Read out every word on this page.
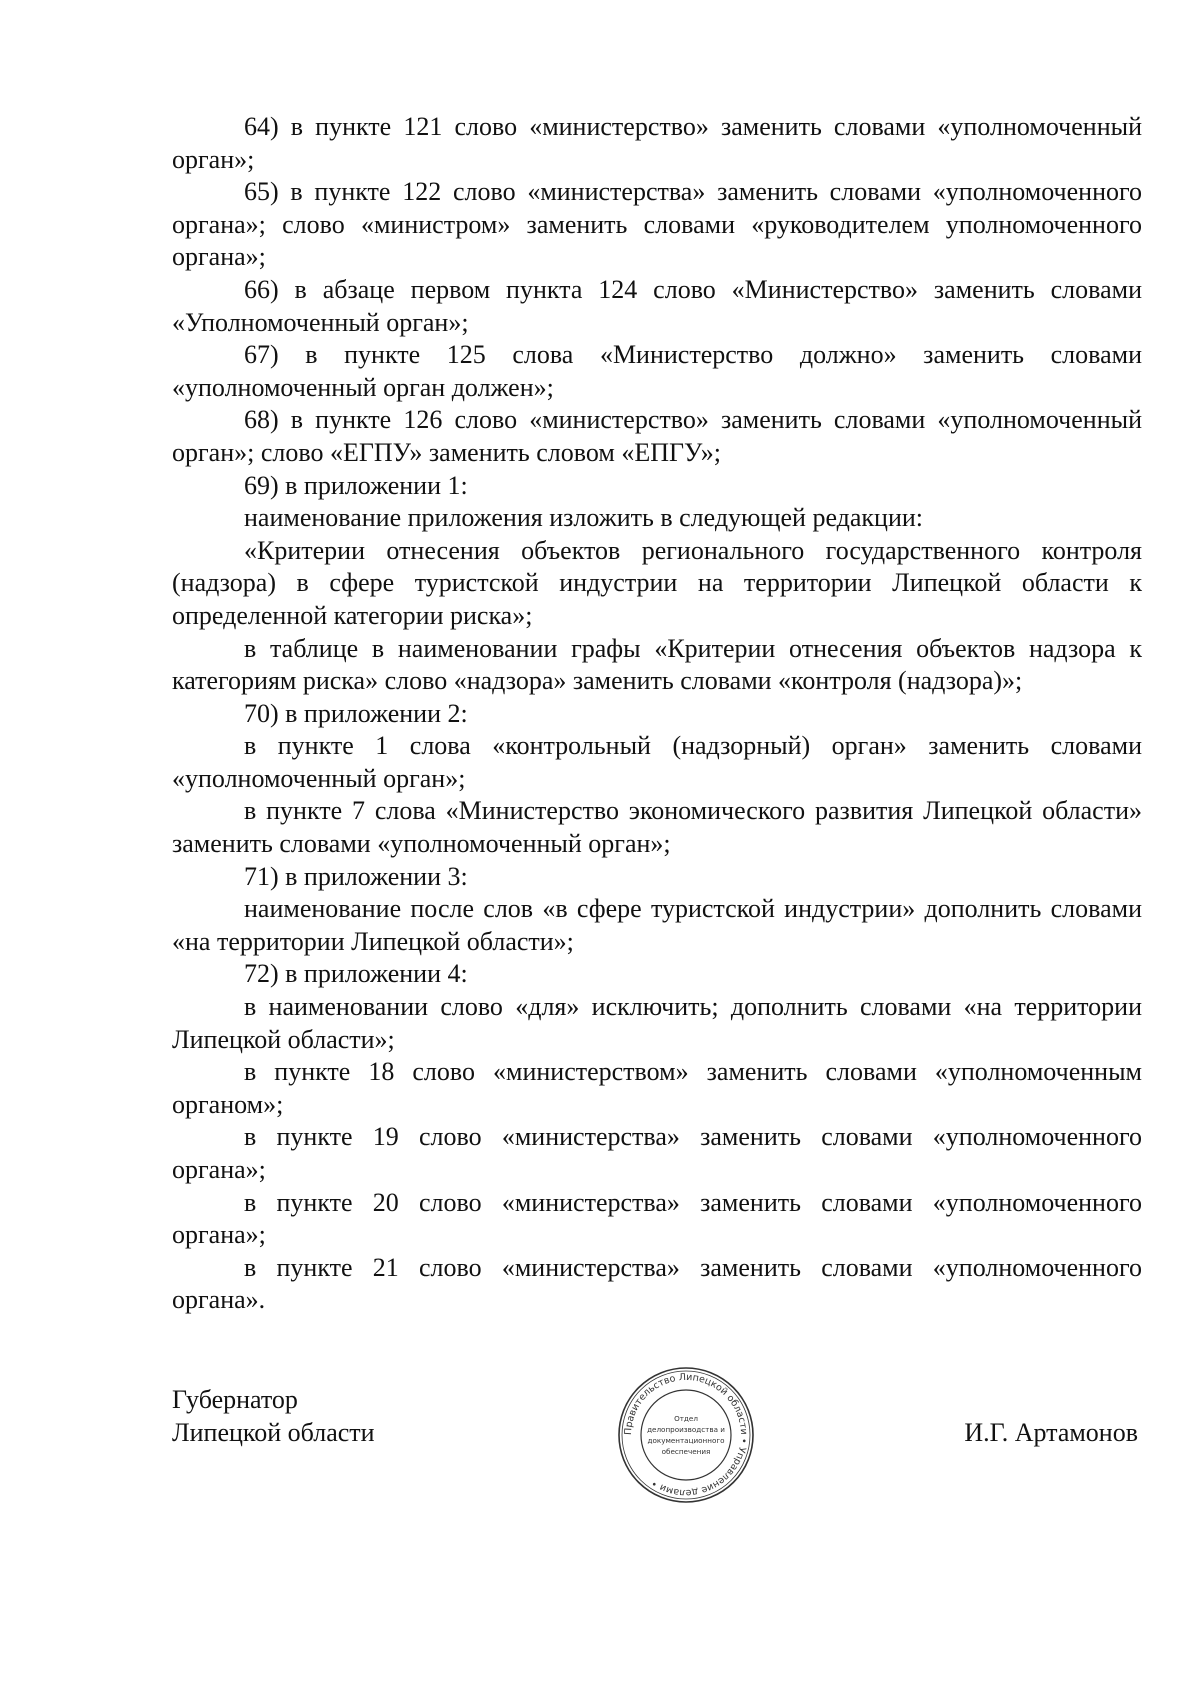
64) в пункте 121 слово «министерство» заменить словами «уполномоченный орган»;

65) в пункте 122 слово «министерства» заменить словами «уполномоченного органа»; слово «министром» заменить словами «руководителем уполномоченного органа»;

66) в абзаце первом пункта 124 слово «Министерство» заменить словами «Уполномоченный орган»;

67) в пункте 125 слова «Министерство должно» заменить словами «уполномоченный орган должен»;

68) в пункте 126 слово «министерство» заменить словами «уполномоченный орган»; слово «ЕГПУ» заменить словом «ЕПГУ»;

69) в приложении 1:

наименование приложения изложить в следующей редакции:

«Критерии отнесения объектов регионального государственного контроля (надзора) в сфере туристской индустрии на территории Липецкой области к определенной категории риска»;

в таблице в наименовании графы «Критерии отнесения объектов надзора к категориям риска» слово «надзора» заменить словами «контроля (надзора)»;

70) в приложении 2:

в пункте 1 слова «контрольный (надзорный) орган» заменить словами «уполномоченный орган»;

в пункте 7 слова «Министерство экономического развития Липецкой области» заменить словами «уполномоченный орган»;

71) в приложении 3:

наименование после слов «в сфере туристской индустрии» дополнить словами «на территории Липецкой области»;

72) в приложении 4:

в наименовании слово «для» исключить; дополнить словами «на территории Липецкой области»;

в пункте 18 слово «министерством» заменить словами «уполномоченным органом»;

в пункте 19 слово «министерства» заменить словами «уполномоченного органа»;

в пункте 20 слово «министерства» заменить словами «уполномоченного органа»;

в пункте 21 слово «министерства» заменить словами «уполномоченного органа».

Губернатор
Липецкой области	Правительство Липецкой области • Управление делами •
Отдел
делопроизводства и
документационного
обеспечения
И.Г. Артамонов
